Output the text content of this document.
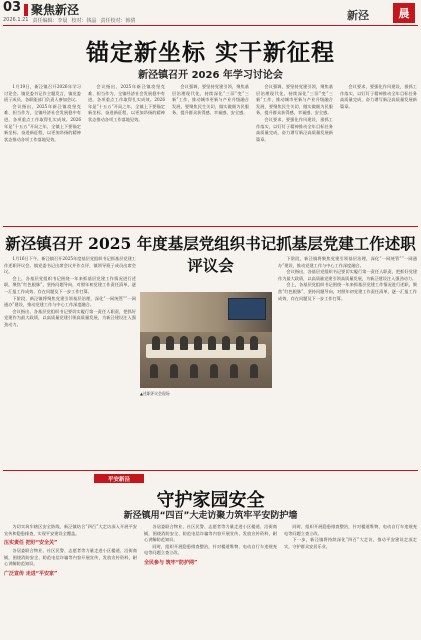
03 聚焦新泾
2026.1.21 责任编辑：李晨 校对：钱晶 责任校对：韩倩	新泾	晨
锚定新坐标 实干新征程
新泾镇召开 2026 年学习讨论会

1月19日，新泾镇召开2026年学习讨论会。镇党委书记作主题发言，镇党委班子成员、各职能部门负责人参加会议。

会议指出，2025年新泾镇攻坚克难、担当作为，全镇经济社会发展稳中有进，各项重点工作取得扎实成效。2026年是“十五五”开局之年，全镇上下要锚定新坐标、奋进新征程，以更加昂扬的精神状态推动各项工作落地见效。

会议指出，2025年新泾镇攻坚克难、担当作为，全镇经济社会发展稳中有进，各项重点工作取得扎实成效。2026年是“十五五”开局之年，全镇上下要锚定新坐标、奋进新征程，以更加昂扬的精神状态推动各项工作落地见效。

会议强调，要坚持党建引领，聚焦基层治理现代化，持续深化“三旧”变“三新”工作，推动城市更新与产业升级融合发展，要聚焦民生关切，做实做细为民服务，提升群众获得感、幸福感、安全感。

会议强调，要坚持党建引领，聚焦基层治理现代化，持续深化“三旧”变“三新”工作，推动城市更新与产业升级融合发展，要聚焦民生关切，做实做细为民服务，提升群众获得感、幸福感、安全感。

会议要求，要强化作风建设，狠抓工作落实，以钉钉子精神推动全年目标任务高质量完成，奋力谱写新泾高质量发展新篇章。

会议要求，要强化作风建设，狠抓工作落实，以钉钉子精神推动全年目标任务高质量完成，奋力谱写新泾高质量发展新篇章。

新泾镇召开 2025 年度基层党组织书记抓基层党建工作述职评议会

1月16日下午，新泾镇召开2025年度基层党组织书记抓基层党建工作述职评议会。镇党委书记出席会议并作点评，镇领导班子成员出席会议。

会上，各基层党组织书记围绕一年来抓基层党建工作情况进行述职，聚焦“红色根脉”，坚持问题导向，对照年初党建工作责任清单，逐一汇报工作成效、存在问题及下一步工作打算。

下阶段，新泾镇将聚焦党建引领基层治理，深化“一网统管”“一网通办”建设，推动党建工作与中心工作深度融合。

会议指出，各基层党组织书记要切实履行第一责任人职责，把抓好党建作为最大政绩，以高质量党建引领高质量发展，为新泾建设注入强劲动力。

▲述职评议会现场

下阶段，新泾镇将聚焦党建引领基层治理，深化“一网统管”“一网通办”建设，推动党建工作与中心工作深度融合。

会议指出，各基层党组织书记要切实履行第一责任人职责，把抓好党建作为最大政绩，以高质量党建引领高质量发展，为新泾建设注入强劲动力。

会上，各基层党组织书记围绕一年来抓基层党建工作情况进行述职，聚焦“红色根脉”，坚持问题导向，对照年初党建工作责任清单，逐一汇报工作成效、存在问题及下一步工作打算。

平安新泾
守护家园安全
新泾镇用“四百”大走访聚力筑牢平安防护墙

为切实筑牢辖区安全防线，新泾镇结合“四百”大走访深入开展平安宣传和隐患排查，实现平安建设全覆盖。

压实责任 把好“安全关”

各居委联合物业、社区民警、志愿者等力量走进小区楼道、沿街商铺，围绕消防安全、防范电信诈骗等内容开展宣传，发放宣传资料，耐心讲解防范知识。

广泛宣传 走进“平安家”

各居委联合物业、社区民警、志愿者等力量走进小区楼道、沿街商铺，围绕消防安全、防范电信诈骗等内容开展宣传，发放宣传资料，耐心讲解防范知识。

同时，组织开展隐患排查整治，针对楼道堆物、电动自行车违规充电等问题立查立改。

全民参与 筑牢“防护网”

同时，组织开展隐患排查整治，针对楼道堆物、电动自行车违规充电等问题立查立改。

下一步，新泾镇将持续深化“四百”大走访，推动平安建设走深走实，守护群众安居乐业。
